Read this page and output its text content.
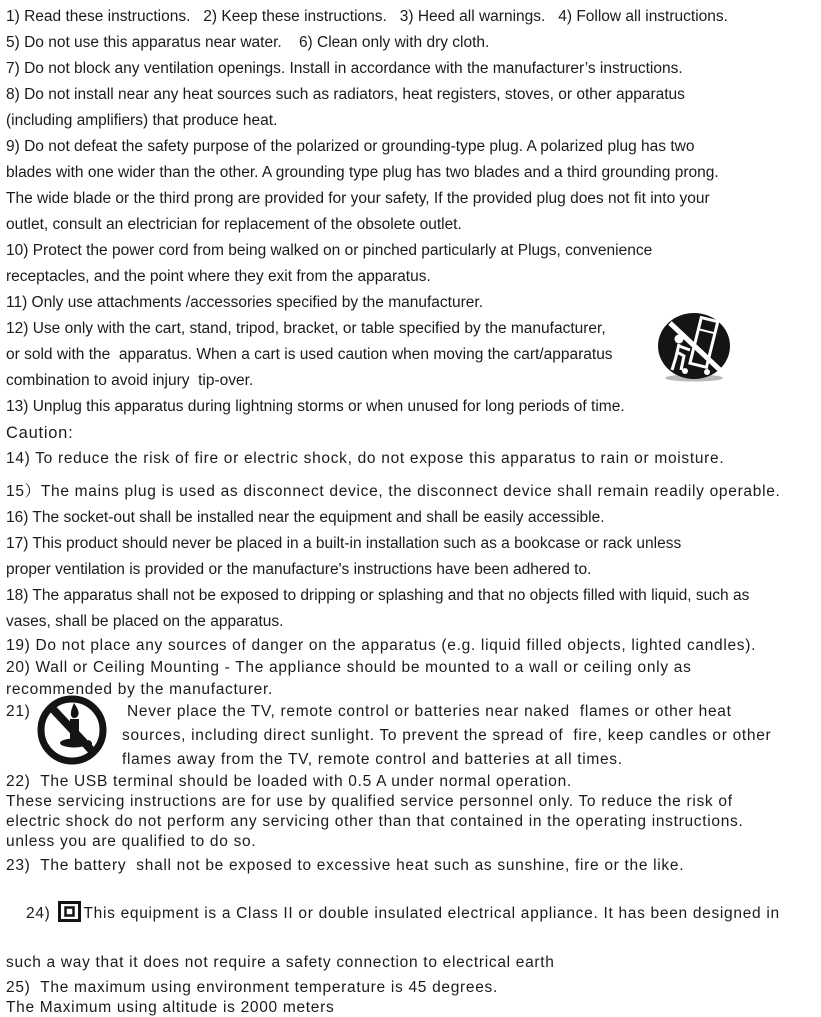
1) Read these instructions.   2) Keep these instructions.   3) Heed all warnings.   4) Follow all instructions.

5) Do not use this apparatus near water.    6) Clean only with dry cloth.

7) Do not block any ventilation openings. Install in accordance with the manufacturer’s instructions.

8) Do not install near any heat sources such as radiators, heat registers, stoves, or other apparatus

(including amplifiers) that produce heat.

9) Do not defeat the safety purpose of the polarized or grounding-type plug. A polarized plug has two

blades with one wider than the other. A grounding type plug has two blades and a third grounding prong.

The wide blade or the third prong are provided for your safety, If the provided plug does not fit into your

outlet, consult an electrician for replacement of the obsolete outlet.

10) Protect the power cord from being walked on or pinched particularly at Plugs, convenience

receptacles, and the point where they exit from the apparatus.

11) Only use attachments /accessories specified by the manufacturer.

12) Use only with the cart, stand, tripod, bracket, or table specified by the manufacturer,

or sold with the  apparatus. When a cart is used caution when moving the cart/apparatus

combination to avoid injury  tip-over.

13) Unplug this apparatus during lightning storms or when unused for long periods of time.

Caution:

14) To reduce the risk of fire or electric shock, do not expose this apparatus to rain or moisture.

15）The mains plug is used as disconnect device, the disconnect device shall remain readily operable.

16) The socket-out shall be installed near the equipment and shall be easily accessible.

17) This product should never be placed in a built-in installation such as a bookcase or rack unless

proper ventilation is provided or the manufacture's instructions have been adhered to.

18) The apparatus shall not be exposed to dripping or splashing and that no objects filled with liquid, such as

vases, shall be placed on the apparatus.

19) Do not place any sources of danger on the apparatus (e.g. liquid filled objects, lighted candles).

20) Wall or Ceiling Mounting - The appliance should be mounted to a wall or ceiling only as

recommended by the manufacturer.

21)	Never place the TV, remote control or batteries near naked  flames or other heat

sources, including direct sunlight. To prevent the spread of  fire, keep candles or other

flames away from the TV, remote control and batteries at all times.

22)  The USB terminal should be loaded with 0.5 A under normal operation.

These servicing instructions are for use by qualified service personnel only. To reduce the risk of

electric shock do not perform any servicing other than that contained in the operating instructions.

unless you are qualified to do so.

23)  The battery  shall not be exposed to excessive heat such as sunshine, fire or the like.

24) This equipment is a Class II or double insulated electrical appliance. It has been designed in

such a way that it does not require a safety connection to electrical earth

25)  The maximum using environment temperature is 45 degrees.

The Maximum using altitude is 2000 meters
